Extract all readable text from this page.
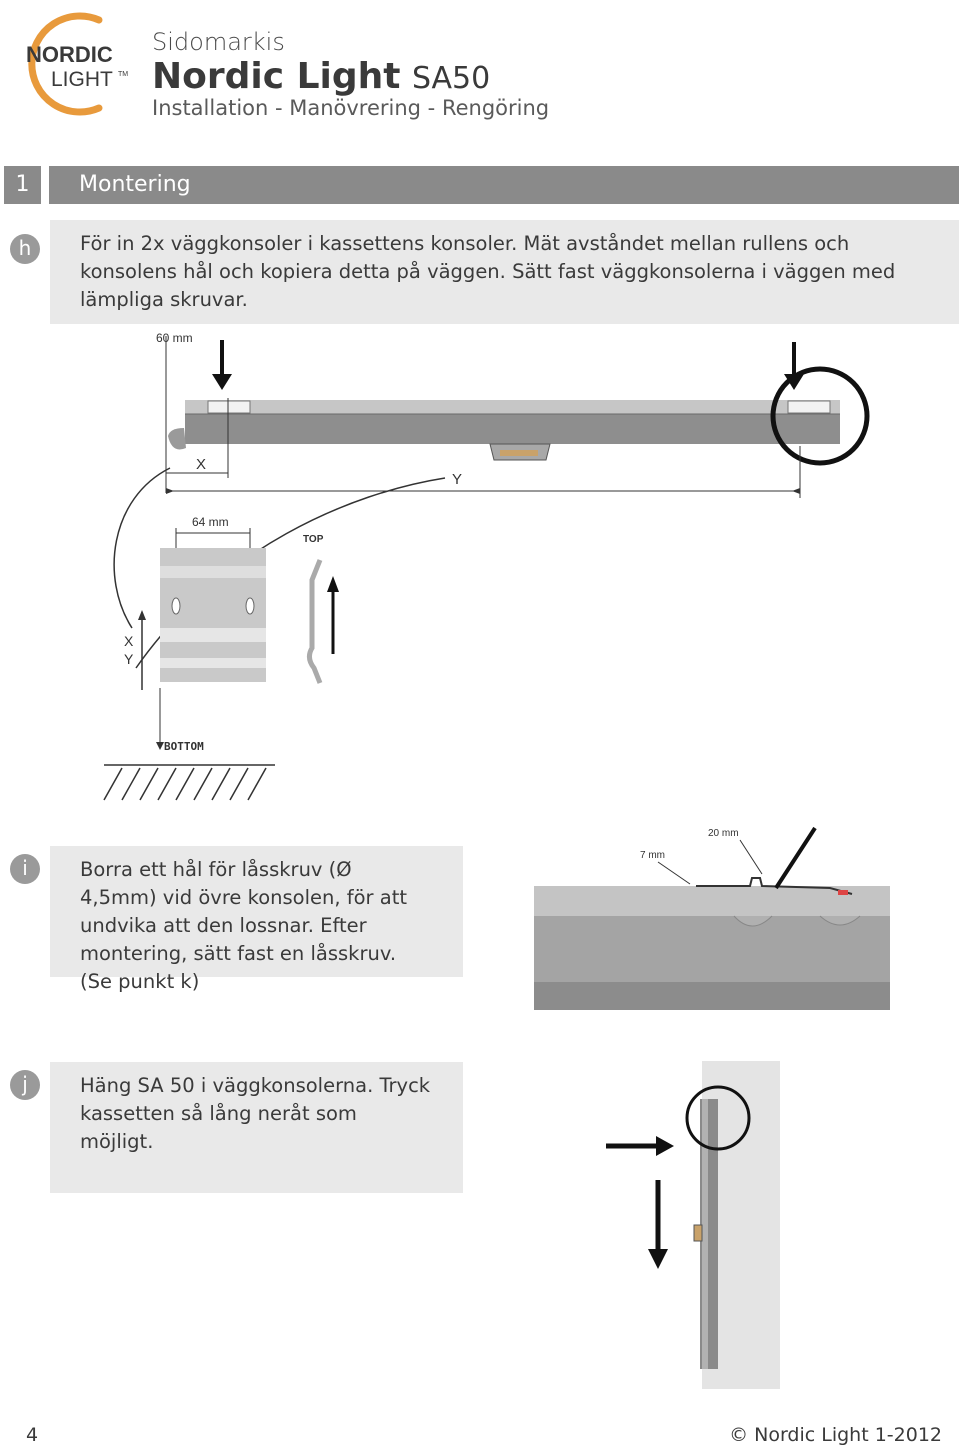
NORDIC
LIGHT TM
Sidomarkis
Nordic Light SA50
Installation - Manövrering - Rengöring
1	Montering
h	För in 2x väggkonsoler i kassettens konsoler. Mät avståndet mellan rullens och konsolens hål och kopiera detta på väggen. Sätt fast väggkonsolerna i väggen med lämpliga skruvar.
60 mm
X
Y
64 mm
TOP
X
Y
BOTTOM
i	Borra ett hål för låsskruv (Ø 4,5mm) vid övre konsolen, för att undvika att den lossnar. Efter montering, sätt fast en låsskruv. (Se punkt k)
7 mm
20 mm
j	Häng SA 50 i väggkonsolerna. Tryck kassetten så lång neråt som möjligt.
4	© Nordic Light 1-2012
